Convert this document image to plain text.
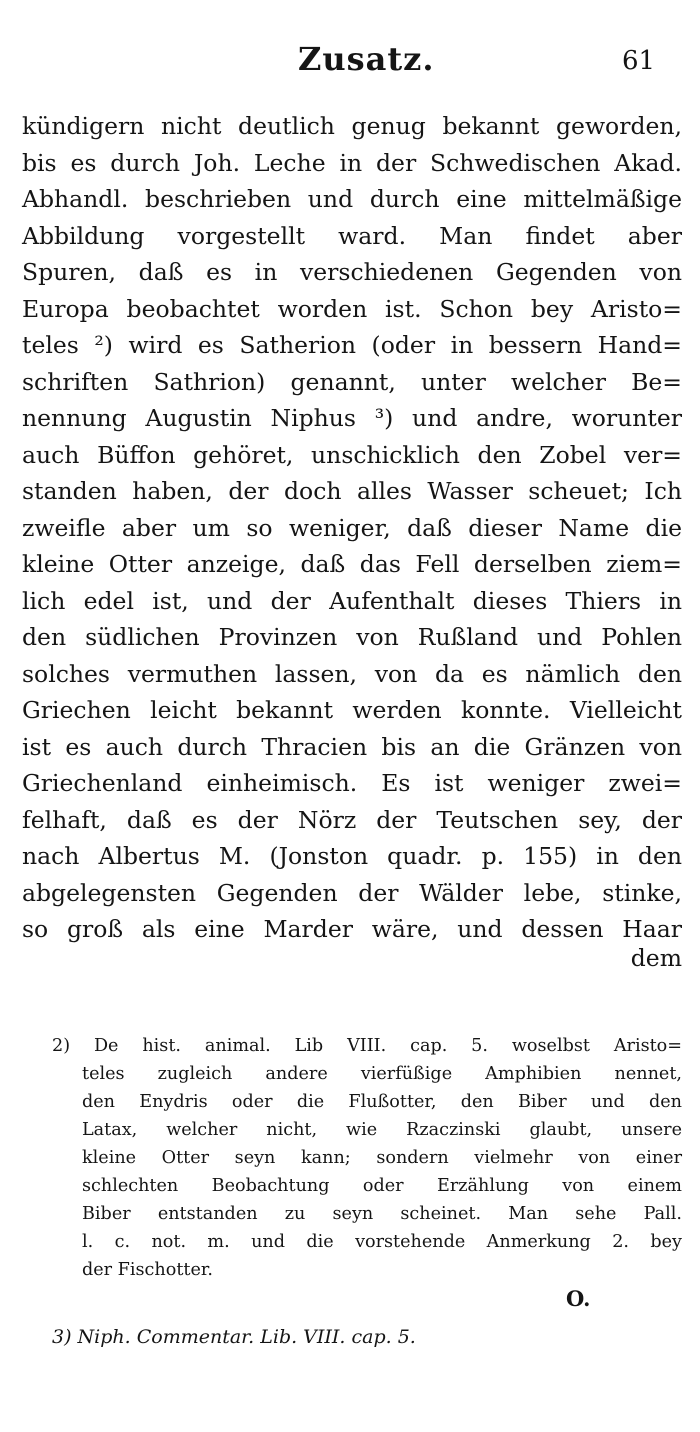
Zusatz.	61
kündigern nicht deutlich genug bekannt geworden,
bis es durch Joh. Leche in der Schwedischen Akad.
Abhandl. beschrieben und durch eine mittelmäßige
Abbildung vorgestellt ward. Man findet aber
Spuren, daß es in verschiedenen Gegenden von
Europa beobachtet worden ist. Schon bey Aristo=
teles ²) wird es Satherion (oder in bessern Hand=
schriften Sathrion) genannt, unter welcher Be=
nennung Augustin Niphus ³) und andre, worunter
auch Büffon gehöret, unschicklich den Zobel ver=
standen haben, der doch alles Wasser scheuet; Ich
zweifle aber um so weniger, daß dieser Name die
kleine Otter anzeige, daß das Fell derselben ziem=
lich edel ist, und der Aufenthalt dieses Thiers in
den südlichen Provinzen von Rußland und Pohlen
solches vermuthen lassen, von da es nämlich den
Griechen leicht bekannt werden konnte. Vielleicht
ist es auch durch Thracien bis an die Gränzen von
Griechenland einheimisch. Es ist weniger zwei=
felhaft, daß es der Nörz der Teutschen sey, der
nach Albertus M. (Jonston quadr. p. 155) in den
abgelegensten Gegenden der Wälder lebe, stinke,
so groß als eine Marder wäre, und dessen Haar
dem
2) De hist. animal. Lib VIII. cap. 5. woselbst Aristo=
teles zugleich andere vierfüßige Amphibien nennet,
den Enydris oder die Flußotter, den Biber und den
Latax, welcher nicht, wie Rzaczinski glaubt, unsere
kleine Otter seyn kann; sondern vielmehr von einer
schlechten Beobachtung oder Erzählung von einem
Biber entstanden zu seyn scheinet. Man sehe Pall.
l. c. not. m. und die vorstehende Anmerkung 2. bey
der Fischotter.
O.
3) Niph. Commentar. Lib. VIII. cap. 5.
